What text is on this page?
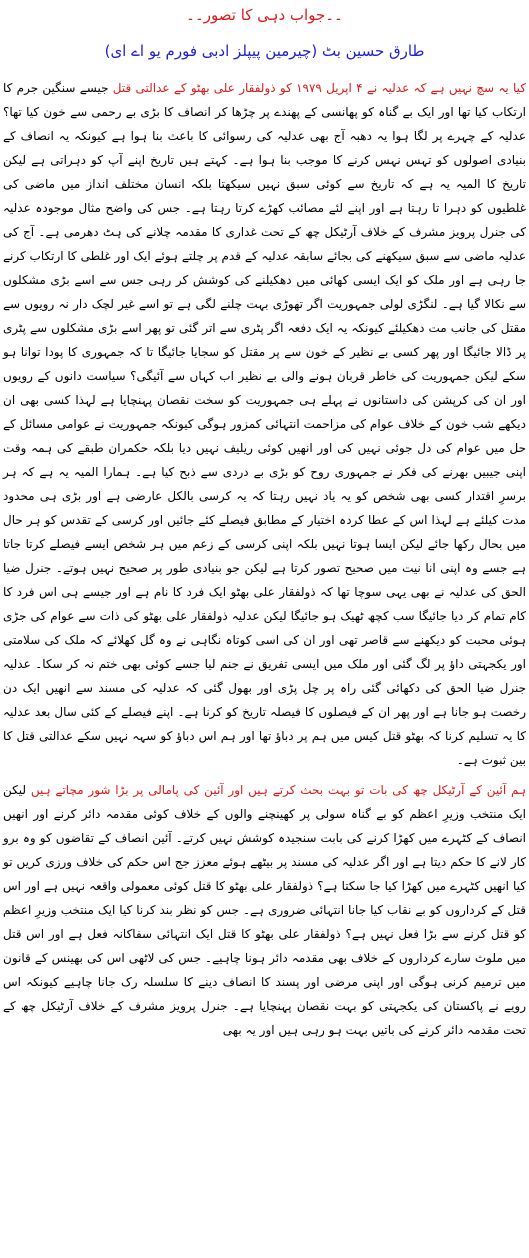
۔۔جواب دہی کا تصور۔۔
طارق حسین بٹ (چیرمین پیپلز ادبی فورم یو اے ای)
کیا یہ سچ نہیں ہے کہ عدلیہ نے ۴ اپریل ۱۹۷۹ کو ذولفقار علی بھٹو کے عدالتی قتل جیسے سنگین جرم کا ارتکاب کیا تھا اور ایک بے گناہ کو پھانسی کے پھندے پر چڑھا کر انصاف کا بڑی بے رحمی سے خون کیا تھا؟ عدلیہ کے چہرے پر لگا ہوا یہ دھبہ آج بھی عدلیہ کی رسوائی کا باعث بنا ہوا ہے کیونکہ یہ انصاف کے بنیادی اصولوں کو تہس نہس کرنے کا موجب بنا ہوا ہے۔ کہتے ہیں تاریخ اپنے آپ کو دہراتی ہے لیکن تاریخ کا المیہ یہ ہے کہ تاریخ سے کوئی سبق نہیں سیکھتا بلکہ انسان مختلف انداز میں ماضی کی غلطیوں کو دہرا تا رہتا ہے اور اپنے لئے مصائب کھڑے کرتا رہتا ہے۔ جس کی واضح مثال موجودہ عدلیہ کی جنرل پرویز مشرف کے خلاف آرٹیکل چھ کے تحت غداری کا مقدمہ چلانے کی ہٹ دھرمی ہے۔ آج کی عدلیہ ماضی سے سبق سیکھنے کی بجائے سابقہ عدلیہ کے قدم پر چلتے ہوئے ایک اور غلطی کا ارتکاب کرنے جا رہی ہے اور ملک کو ایک ایسی کھائی میں دھکیلنے کی کوشش کر رہی جس سے اسے بڑی مشکلوں سے نکالا گیا ہے۔ لنگڑی لولی جمہوریت اگر تھوڑی بہت چلنے لگی ہے تو اسے غیر لچک دار نہ رویوں سے مقتل کی جانب مت دھکیلئے کیونکہ یہ ایک دفعہ اگر پٹری سے اتر گئی تو پھر اسے بڑی مشکلوں سے پٹری پر ڈالا جائیگا اور پھر کسی بے نظیر کے خون سے پر مقتل کو سجایا جائیگا تا کہ جمہوری کا پودا توانا ہو سکے لیکن جمہوریت کی خاطر قربان ہونے والی بے نظیر اب کہاں سے آئیگی؟ سیاست دانوں کے رویوں اور ان کی کرپشن کی داستانوں نے پہلے ہی جمہوریت کو سخت نقصان پہنچایا ہے لہذا کسی بھی ان دیکھے شب خون کے خلاف عوام کی مزاحمت انتہائی کمزور ہوگی کیونکہ جمہوریت نے عوامی مسائل کے حل میں عوام کی دل جوئی نہیں کی اور انھیں کوئی ریلیف نہیں دیا بلکہ حکمران طبقے کی ہمہ وقت اپنی جیبیں بھرنے کی فکر نے جمہوری روح کو بڑی بے دردی سے ذبح کیا ہے۔ ہمارا المیہ یہ ہے کہ ہر برسرِ اقتدار کسی بھی شخص کو یہ یاد نہیں رہتا کہ یہ کرسی بالکل عارضی ہے اور بڑی ہی محدود مدت کیلئے ہے لہذا اس کے عطا کردہ اختیار کے مطابق فیصلے کئے جائیں اور کرسی کے تقدس کو ہر حال میں بحال رکھا جائے لیکن ایسا ہوتا نہیں بلکہ اپنی کرسی کے زعم میں ہر شخص ایسے فیصلے کرتا جاتا ہے جسے وہ اپنی انا نیت میں صحیح تصور کرتا ہے لیکن جو بنیادی طور پر صحیح نہیں ہوتے۔ جنرل ضیا الحق کی عدلیہ نے بھی یہی سوچا تھا کہ ذولفقار علی بھٹو ایک فرد کا نام ہے اور جیسے ہی اس فرد کا کام تمام کر دیا جائیگا سب کچھ ٹھیک ہو جائیگا لیکن عدلیہ ذولفقار علی بھٹو کی ذات سے عوام کی جڑی ہوئی محبت کو دیکھنے سے قاصر تھی اور ان کی اسی کوتاہ نگاہی نے وہ گل کھلائے کہ ملک کی سلامتی اور یکجہتی داؤ پر لگ گئی اور ملک میں ایسی تفریق نے جنم لیا جسے کوئی بھی ختم نہ کر سکا۔ عدلیہ جنرل ضیا الحق کی دکھائی گئی راہ پر چل پڑی اور بھول گئی کہ عدلیہ کی مسند سے انھیں ایک دن رخصت ہو جانا ہے اور پھر ان کے فیصلوں کا فیصلہ تاریخ کو کرنا ہے۔ اپنے فیصلے کے کئی سال بعد عدلیہ کا یہ تسلیم کرنا کہ بھٹو قتل کیس میں ہم پر دباؤ تھا اور ہم اس دباؤ کو سہہ نہیں سکے عدالتی قتل کا بین ثبوت ہے۔
ہم آئین کے آرٹیکل چھ کی بات تو بہت بحث کرتے ہیں اور آئین کی پامالی پر بڑا شور مچاتے ہیں لیکن ایک منتخب وزیرِ اعظم کو بے گناہ سولی پر کھینچنے والوں کے خلاف کوئی مقدمہ دائر کرنے اور انھیں انصاف کے کٹہرے میں کھڑا کرنے کی بابت سنجیدہ کوشش نہیں کرتے۔ آئین انصاف کے تقاضوں کو وہ برو کار لانے کا حکم دیتا ہے اور اگر عدلیہ کی مسند پر بیٹھے ہوئے معزز جج اس حکم کی خلاف ورزی کریں تو کیا انھیں کٹہرے میں کھڑا کیا جا سکتا ہے؟ ذولفقار علی بھٹو کا قتل کوئی معمولی واقعہ نہیں ہے اور اس قتل کے کرداروں کو بے نقاب کیا جانا انتہائی ضروری ہے۔ جس کو نظر بند کرنا کیا ایک منتخب وزیرِ اعظم کو قتل کرنے سے بڑا فعل نہیں ہے؟ ذولفقار علی بھٹو کا قتل ایک انتہائی سفاکانہ فعل ہے اور اس قتل میں ملوث سارے کرداروں کے خلاف بھی مقدمہ دائر ہونا چاہیے۔ جس کی لاٹھی اس کی بھینس کے قانون میں ترمیم کرنی ہوگی اور اپنی مرضی اور پسند کا انصاف دینے کا سلسلہ رک جانا چاہیے کیونکہ اس رویے نے پاکستان کی یکجہتی کو بہت نقصان پہنچایا ہے۔ جنرل پرویز مشرف کے خلاف آرٹیکل چھ کے تحت مقدمہ دائر کرنے کی باتیں بہت ہو رہی ہیں اور یہ بھی
